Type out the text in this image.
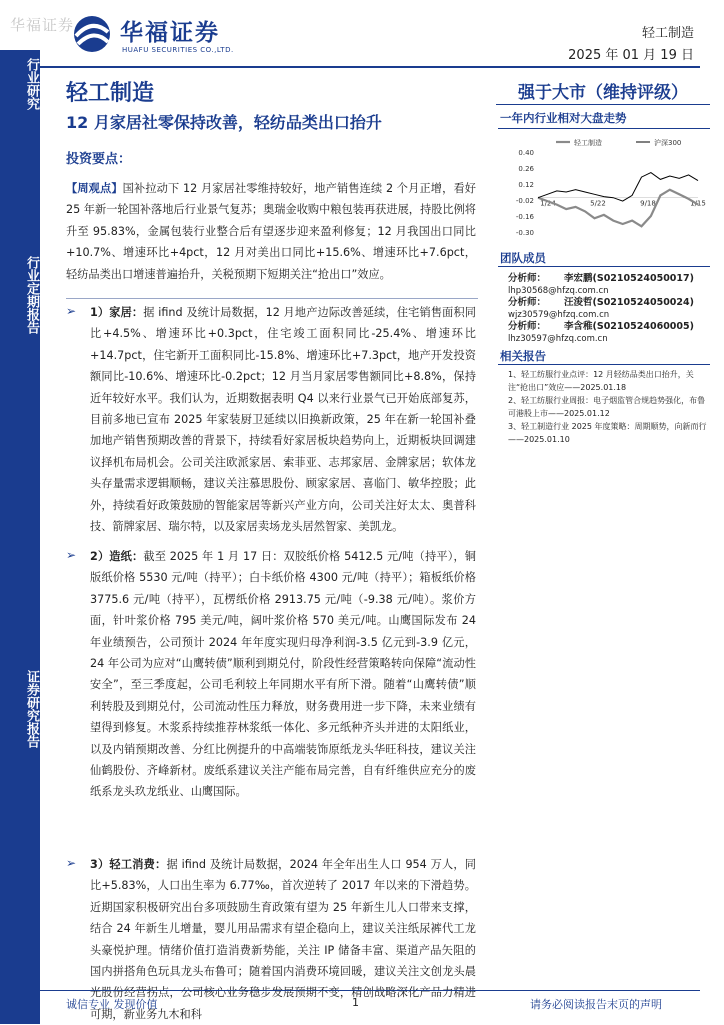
华福证券 华福证券
HUAFU SECURITIES CO.,LTD.
轻工制造
2025 年 01 月 19 日
行业研究
行业定期报告
证券研究报告
轻工制造
12 月家居社零保持改善，轻纺品类出口抬升
投资要点：
强于大市（维持评级）
一年内行业相对大盘走势
0.40
0.26
0.12
-0.02
-0.16
-0.30
1/24	5/22	9/18	1/15
轻工制造	沪深300
团队成员
分析师： 李宏鹏(S0210524050017)
lhp30568@hfzq.com.cn
分析师： 汪浚哲(S0210524050024)
wjz30579@hfzq.com.cn
分析师： 李含稚(S0210524060005)
lhz30597@hfzq.com.cn
相关报告
1、轻工纺服行业点评：12 月轻纺品类出口抬升，关注“抢出口”效应——2025.01.18
2、轻工纺服行业周报：电子烟监管合规趋势强化，布鲁可港股上市——2025.01.12
3、轻工制造行业 2025 年度策略：周期顺势，向新而行——2025.01.10
【周观点】国补拉动下 12 月家居社零维持较好，地产销售连续 2 个月正增，看好 25 年新一轮国补落地后行业景气复苏；奥瑞金收购中粮包装再获进展，持股比例将升至 95.83%，金属包装行业整合后有望逐步迎来盈利修复；12 月我国出口同比+10.7%、增速环比+4pct，12 月对美出口同比+15.6%、增速环比+7.6pct，轻纺品类出口增速普遍抬升，关税预期下短期关注“抢出口”效应。
➢ 1）家居：据 ifind 及统计局数据，12 月地产边际改善延续，住宅销售面积同比+4.5%、增速环比+0.3pct，住宅竣工面积同比-25.4%、增速环比+14.7pct，住宅新开工面积同比-15.8%、增速环比+7.3pct，地产开发投资额同比-10.6%、增速环比-0.2pct；12 月当月家居零售额同比+8.8%，保持近年较好水平。我们认为，近期数据表明 Q4 以来行业景气已开始底部复苏，目前多地已宣布 2025 年家装厨卫延续以旧换新政策，25 年在新一轮国补叠加地产销售预期改善的背景下，持续看好家居板块趋势向上，近期板块回调建议择机布局机会。公司关注欧派家居、索菲亚、志邦家居、金牌家居；软体龙头存量需求逻辑顺畅，建议关注慕思股份、顾家家居、喜临门、敏华控股；此外，持续看好政策鼓励的智能家居等新兴产业方向，公司关注好太太、奥普科技、箭牌家居、瑞尔特，以及家居卖场龙头居然智家、美凯龙。
➢ 2）造纸：截至 2025 年 1 月 17 日：双胶纸价格 5412.5 元/吨（持平），铜版纸价格 5530 元/吨（持平）；白卡纸价格 4300 元/吨（持平）；箱板纸价格 3775.6 元/吨（持平），瓦楞纸价格 2913.75 元/吨（-9.38 元/吨）。浆价方面，针叶浆价格 795 美元/吨，阔叶浆价格 570 美元/吨。山鹰国际发布 24 年业绩预告，公司预计 2024 年年度实现归母净利润-3.5 亿元到-3.9 亿元，24 年公司为应对“山鹰转债”顺利到期兑付，阶段性经营策略转向保障“流动性安全”，至三季度起，公司毛利较上年同期水平有所下滑。随着“山鹰转债”顺利转股及到期兑付，公司流动性压力释放，财务费用进一步下降，未来业绩有望得到修复。木浆系持续推荐林浆纸一体化、多元纸种齐头并进的太阳纸业，以及内销预期改善、分红比例提升的中高端装饰原纸龙头华旺科技，建议关注仙鹤股份、齐峰新材。废纸系建议关注产能布局完善，自有纤维供应充分的废纸系龙头玖龙纸业、山鹰国际。
➢ 3）轻工消费：据 ifind 及统计局数据，2024 年全年出生人口 954 万人，同比+5.83%，人口出生率为 6.77‰，首次逆转了 2017 年以来的下滑趋势。近期国家积极研究出台多项鼓励生育政策有望为 25 年新生儿人口带来支撑，结合 24 年新生儿增量，婴儿用品需求有望企稳向上，建议关注纸尿裤代工龙头豪悦护理。情绪价值打造消费新势能，关注 IP 储备丰富、渠道产品矢阻的国内拼搭角色玩具龙头布鲁可；随着国内消费环境回暖，建议关注文创龙头晨光股份经营拐点，公司核心业务稳步发展预期不变，精创战略深化产品力精进可期，新业务九木和科
诚信专业 发现价值	1	请务必阅读报告末页的声明
